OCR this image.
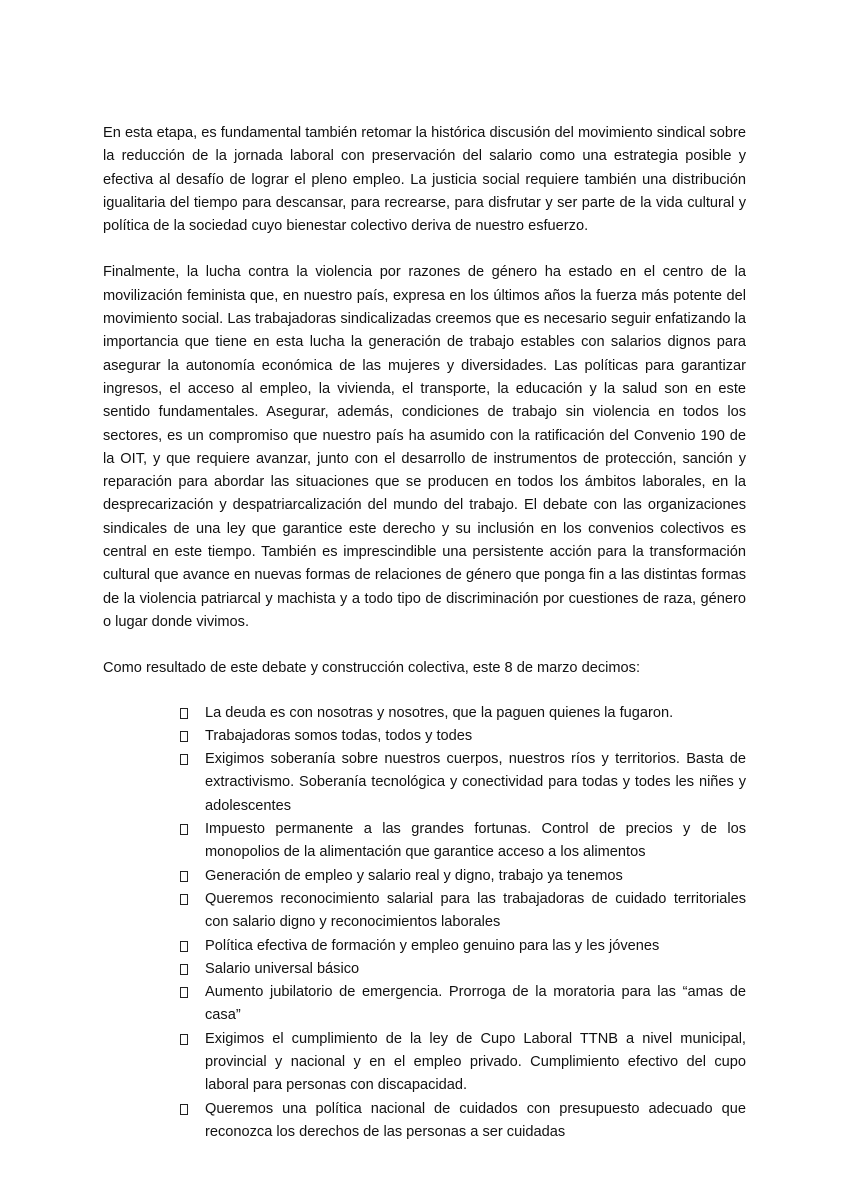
En esta etapa, es fundamental también retomar la histórica discusión del movimiento sindical sobre la reducción de la jornada laboral con preservación del salario como una estrategia posible y efectiva al desafío de lograr el pleno empleo. La justicia social requiere también una distribución igualitaria del tiempo para descansar, para recrearse, para disfrutar y ser parte de la vida cultural y política de la sociedad cuyo bienestar colectivo deriva de nuestro esfuerzo.

Finalmente, la lucha contra la violencia por razones de género ha estado en el centro de la movilización feminista que, en nuestro país, expresa en los últimos años la fuerza más potente del movimiento social. Las trabajadoras sindicalizadas creemos que es necesario seguir enfatizando la importancia que tiene en esta lucha la generación de trabajo estables con salarios dignos para asegurar la autonomía económica de las mujeres y diversidades. Las políticas para garantizar ingresos, el acceso al empleo, la vivienda, el transporte, la educación y la salud son en este sentido fundamentales. Asegurar, además, condiciones de trabajo sin violencia en todos los sectores, es un compromiso que nuestro país ha asumido con la ratificación del Convenio 190 de la OIT, y que requiere avanzar, junto con el desarrollo de instrumentos de protección, sanción y reparación para abordar las situaciones que se producen en todos los ámbitos laborales, en la desprecarización y despatriarcalización del mundo del trabajo. El debate con las organizaciones sindicales de una ley que garantice este derecho y su inclusión en los convenios colectivos es central en este tiempo. También es imprescindible una persistente acción para la transformación cultural que avance en nuevas formas de relaciones de género que ponga fin a las distintas formas de la violencia patriarcal y machista y a todo tipo de discriminación por cuestiones de raza, género o lugar donde vivimos.

Como resultado de este debate y construcción colectiva, este 8 de marzo decimos:

La deuda es con nosotras y nosotres, que la paguen quienes la fugaron.
Trabajadoras somos todas, todos y todes
Exigimos soberanía sobre nuestros cuerpos, nuestros ríos y territorios. Basta de extractivismo. Soberanía tecnológica y conectividad para todas y todes les niñes y adolescentes
Impuesto permanente a las grandes fortunas. Control de precios y de los monopolios de la alimentación que garantice acceso a los alimentos
Generación de empleo y salario real y digno, trabajo ya tenemos
Queremos reconocimiento salarial para las trabajadoras de cuidado territoriales con salario digno y reconocimientos laborales
Política efectiva de formación y empleo genuino para las y les jóvenes
Salario universal básico
Aumento jubilatorio de emergencia. Prorroga de la moratoria para las “amas de casa”
Exigimos el cumplimiento de la ley de Cupo Laboral TTNB a nivel municipal, provincial y nacional y en el empleo privado. Cumplimiento efectivo del cupo laboral para personas con discapacidad.
Queremos una política nacional de cuidados con presupuesto adecuado que reconozca los derechos de las personas a ser cuidadas
